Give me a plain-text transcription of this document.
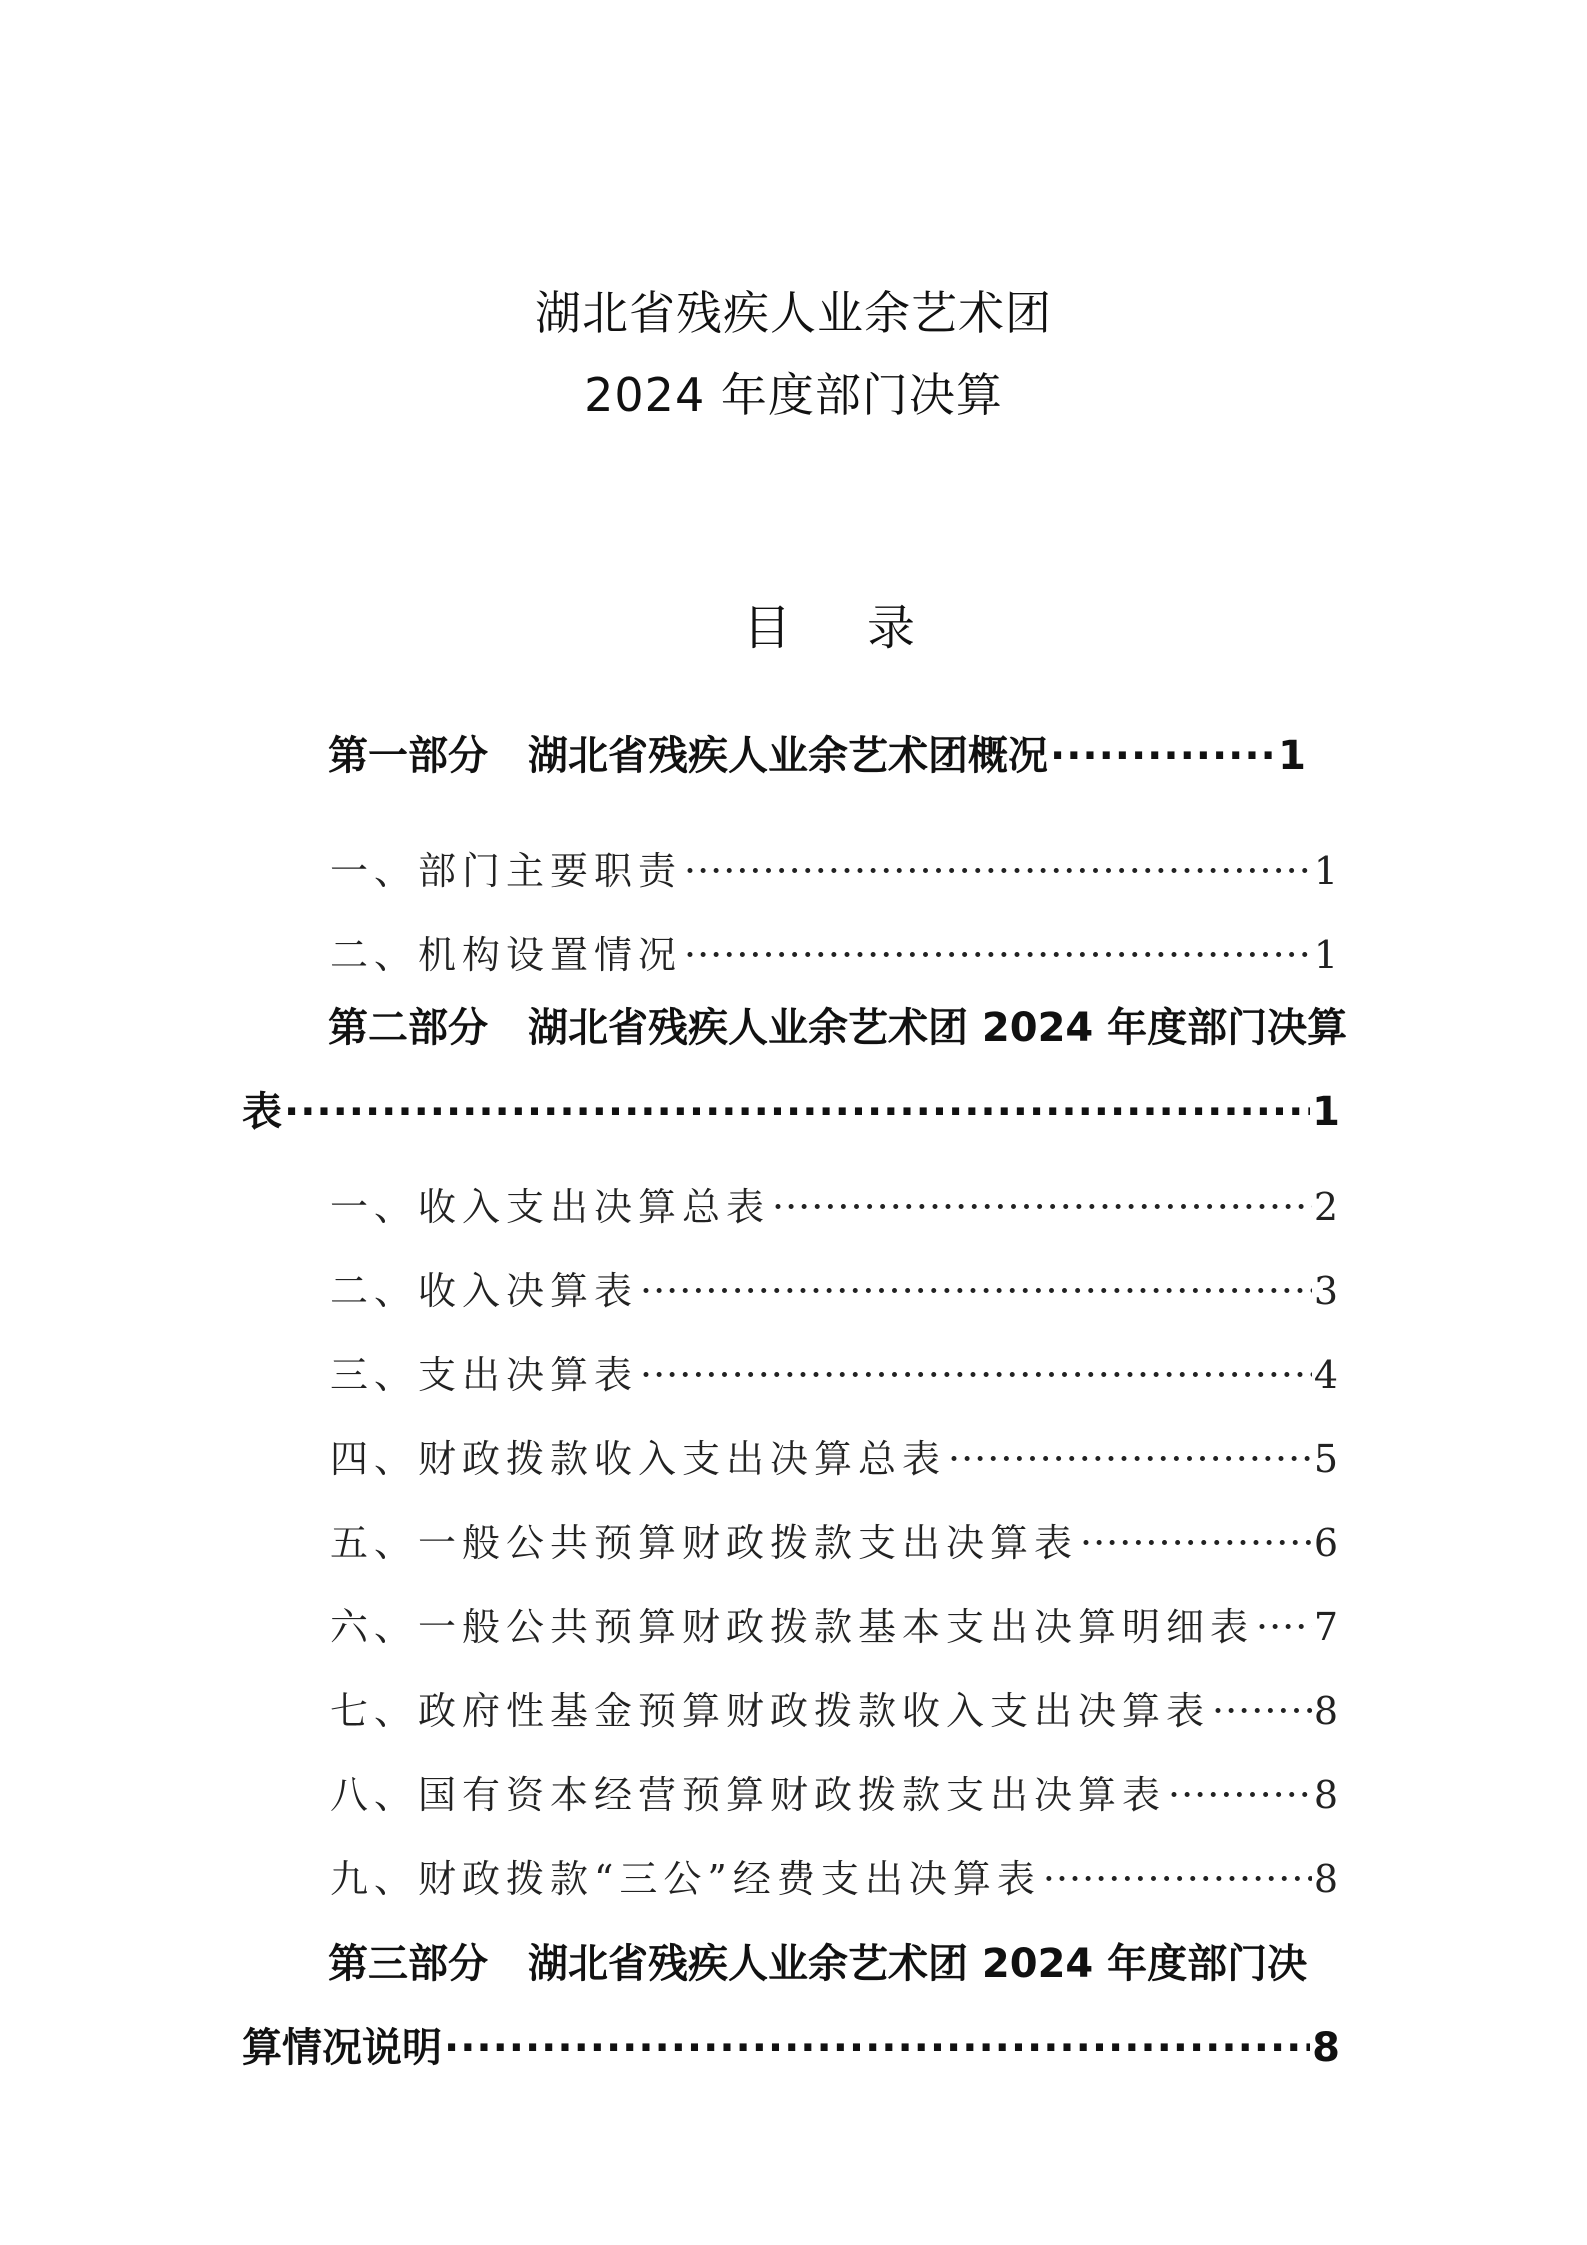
湖北省残疾人业余艺术团
2024 年度部门决算
目 录
第一部分　湖北省残疾人业余艺术团概况 ·····	1
一、部门主要职责 ·····	1
二、机构设置情况 ·····	1
第二部分　湖北省残疾人业余艺术团 2024 年度部门决算
表 ·····	1
一、收入支出决算总表 ·····	2
二、收入决算表 ·····	3
三、支出决算表 ·····	4
四、财政拨款收入支出决算总表 ·····	5
五、一般公共预算财政拨款支出决算表 ·····	6
六、一般公共预算财政拨款基本支出决算明细表 ····· 7
七、政府性基金预算财政拨款收入支出决算表 ·····	8
八、国有资本经营预算财政拨款支出决算表 ·····	8
九、财政拨款“三公”经费支出决算表 ·····	8
第三部分　湖北省残疾人业余艺术团 2024 年度部门决
算情况说明 ·····	8
